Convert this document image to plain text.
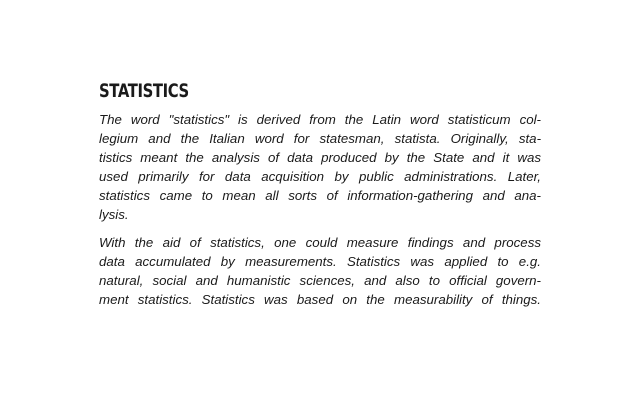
STATISTICS

The word "statistics" is derived from the Latin word statisticum col-
legium and the Italian word for statesman, statista. Originally, sta-
tistics meant the analysis of data produced by the State and it was
used primarily for data acquisition by public administrations. Later,
statistics came to mean all sorts of information-gathering and ana-
lysis.

With the aid of statistics, one could measure findings and process
data accumulated by measurements. Statistics was applied to e.g.
natural, social and humanistic sciences, and also to official govern-
ment statistics. Statistics was based on the measurability of things.
